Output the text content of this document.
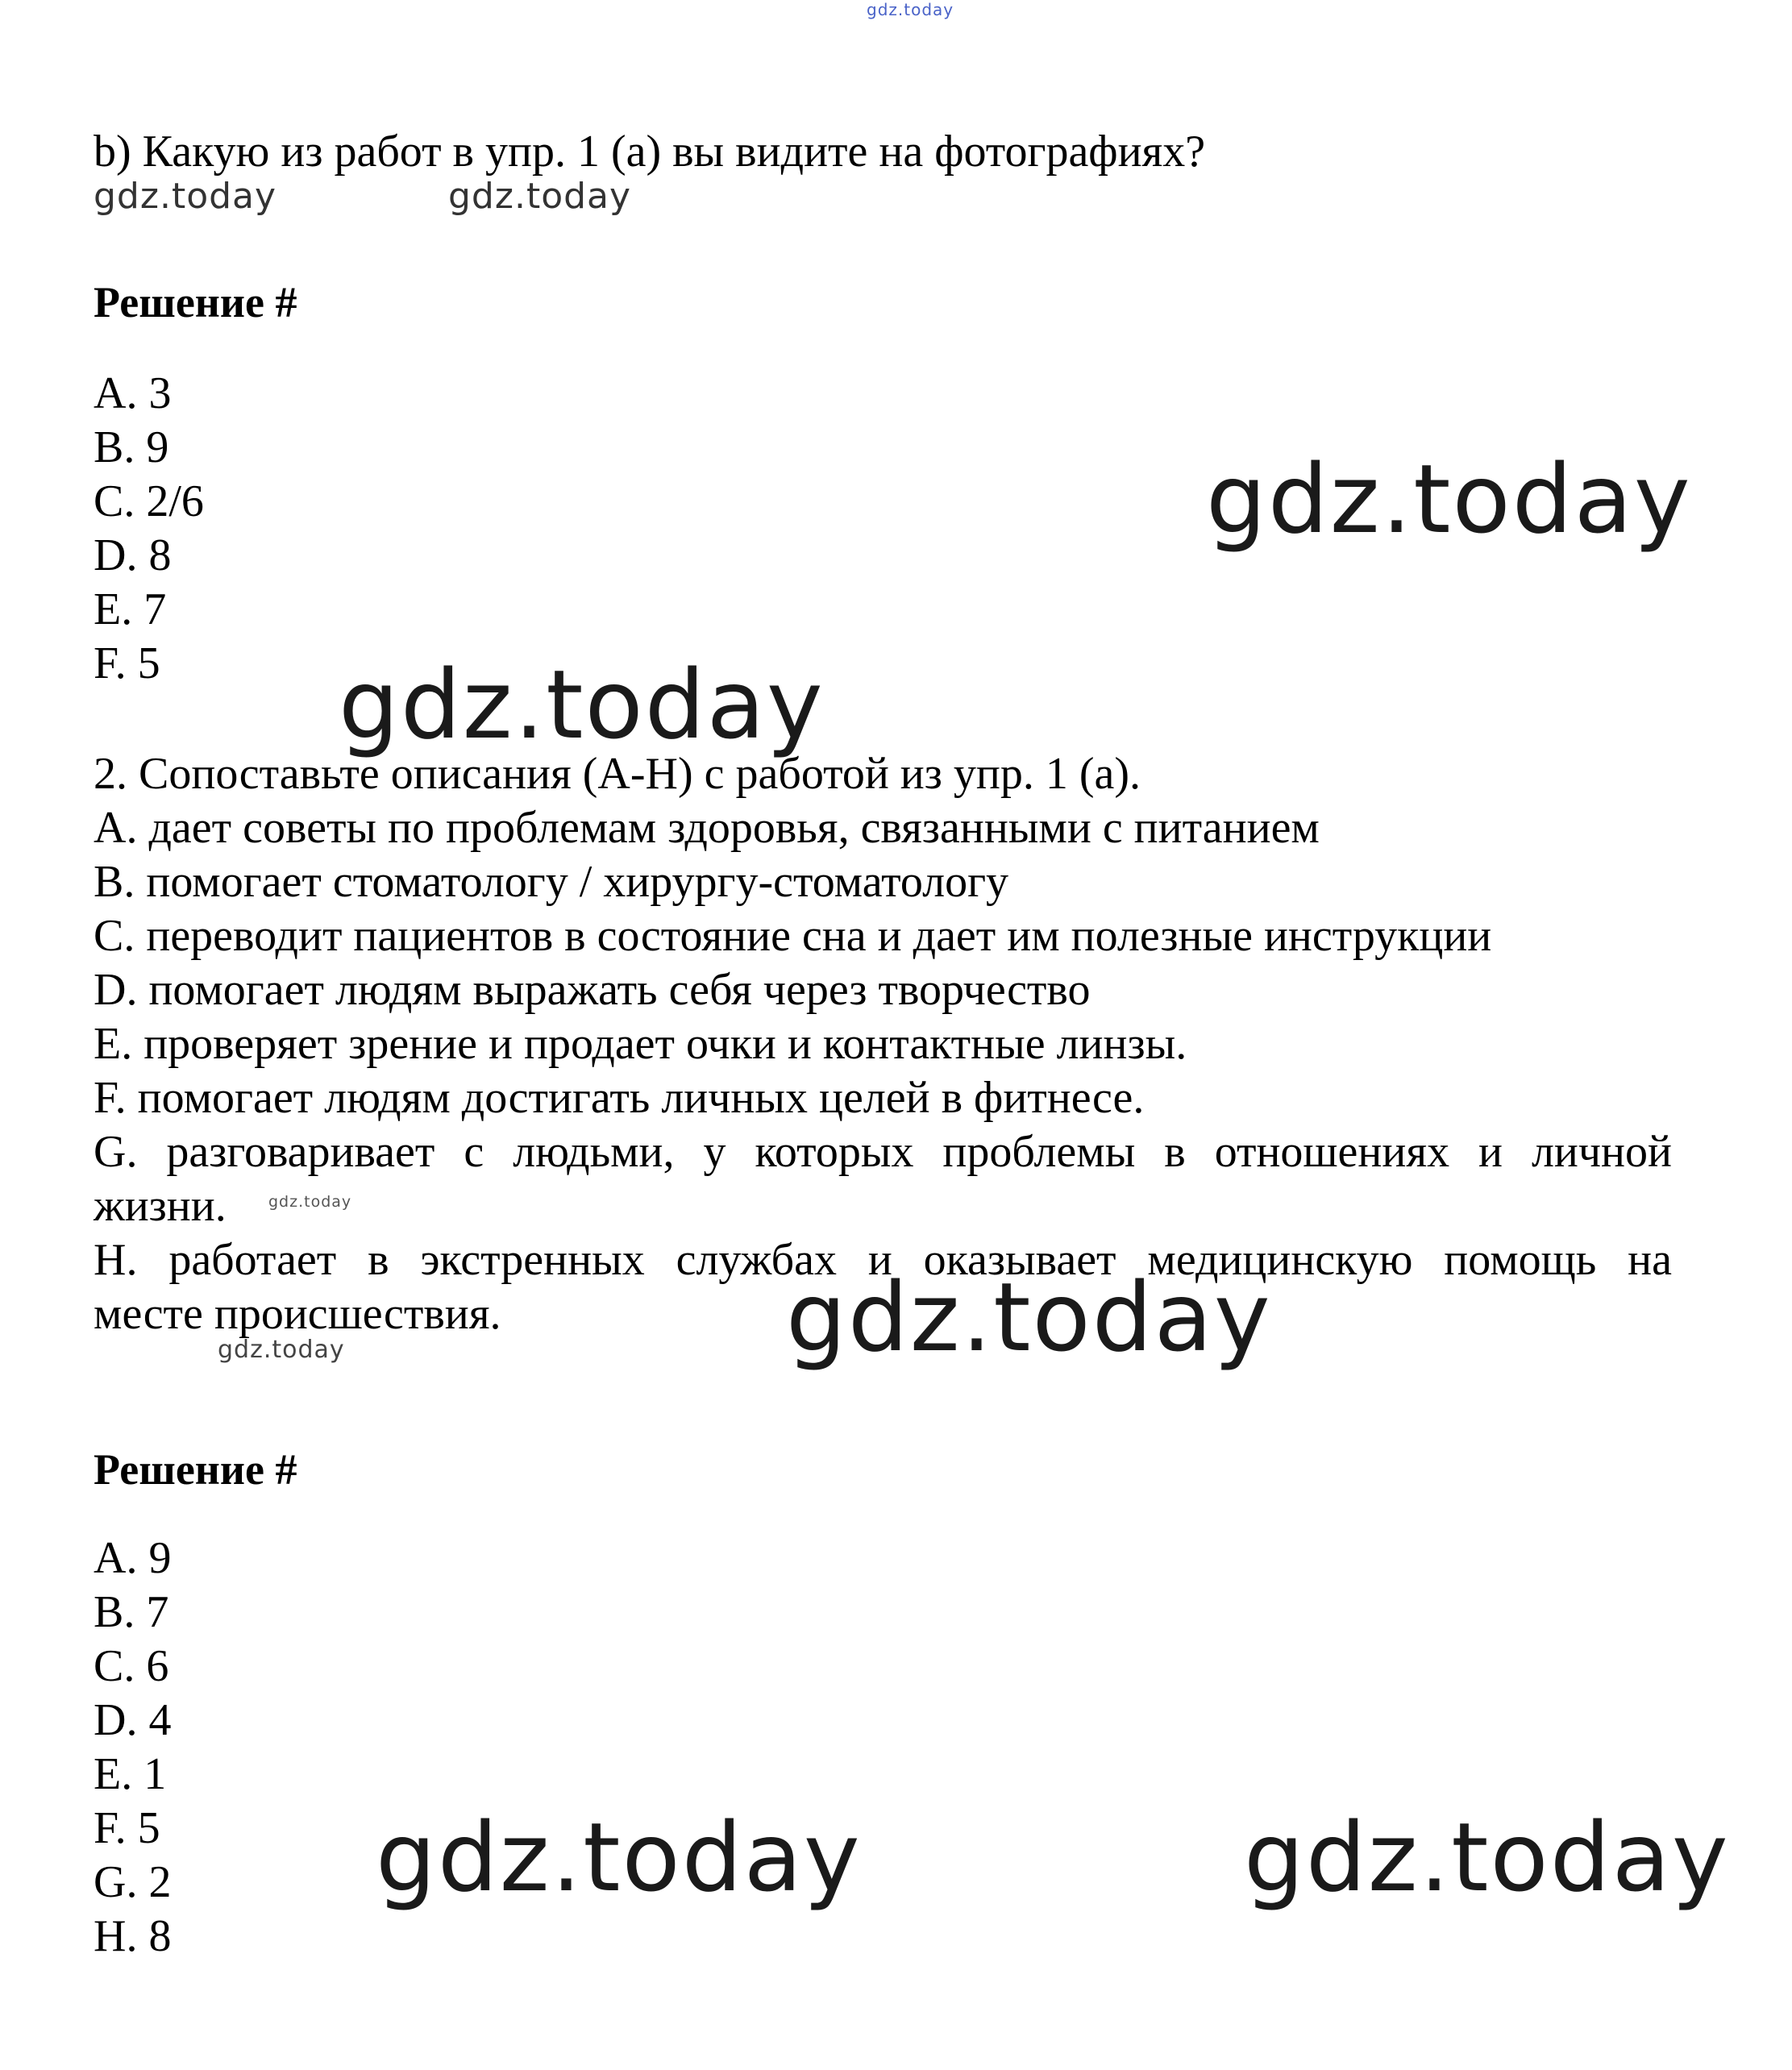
gdz.today
b) Какую из работ в упр. 1 (а) вы видите на фотографиях?
gdz.today	gdz.today
Решение #
A. 3
B. 9
C. 2/6
D. 8
E. 7
F. 5
gdz.today
gdz.today
2. Сопоставьте описания (A-H) с работой из упр. 1 (а).
A. дает советы по проблемам здоровья, связанными с питанием
B. помогает стоматологу / хирургу-стоматологу
C. переводит пациентов в состояние сна и дает им полезные инструкции
D. помогает людям выражать себя через творчество
E. проверяет зрение и продает очки и контактные линзы.
F. помогает людям достигать личных целей в фитнесе.
G. разговаривает с людьми, у которых проблемы в отношениях и личной
жизни.
H. работает в экстренных службах и оказывает медицинскую помощь на
месте происшествия.
gdz.today
gdz.today
gdz.today
Решение #
A. 9
B. 7
C. 6
D. 4
E. 1
F. 5
G. 2
H. 8
gdz.today	gdz.today
